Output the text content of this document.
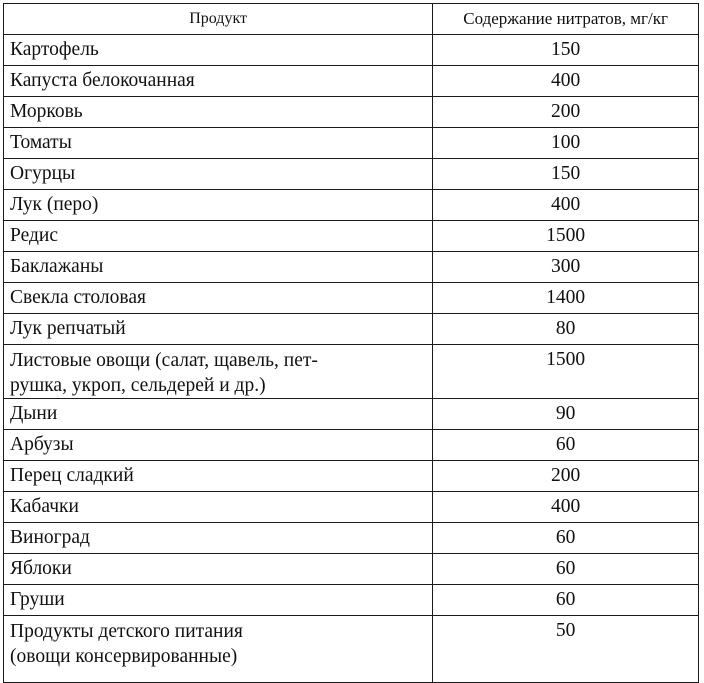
Продукт	Содержание нитратов, мг/кг
Картофель	150
Капуста белокочанная	400
Морковь	200
Томаты	100
Огурцы	150
Лук (перо)	400
Редис	1500
Баклажаны	300
Свекла столовая	1400
Лук репчатый	80

Листовые овощи (салат, щавель, пет-
рушка, укроп, сельдерей и др.)	1500
Дыни	90
Арбузы	60
Перец сладкий	200
Кабачки	400
Виноград	60
Яблоки	60
Груши	60

Продукты детского питания
(овощи консервированные)	50
